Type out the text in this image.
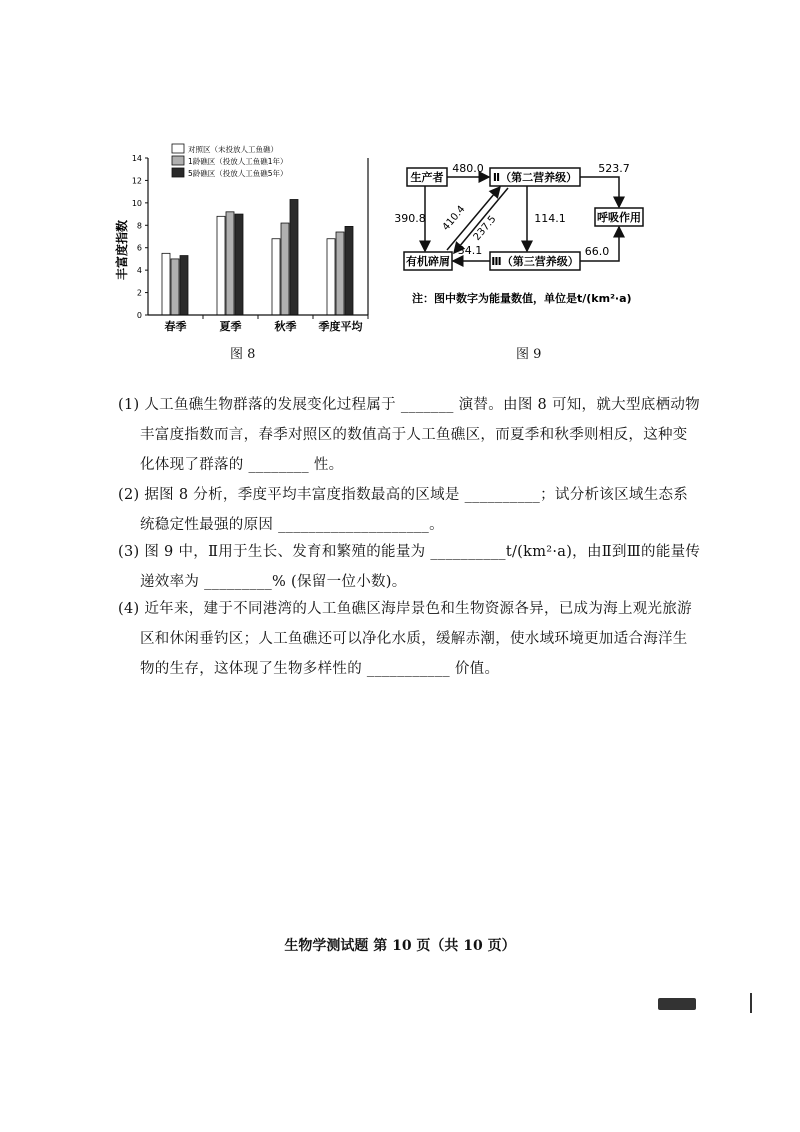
0
2
4
6
8
10
12
14
春季	夏季	秋季 季度平均
对照区（未投放人工鱼礁）
1龄礁区（投放人工鱼礁1年）
5龄礁区（投放人工鱼礁5年）
丰富度指数
图 8
生产者	Ⅱ（第二营养级）
呼吸作用
有机碎屑	Ⅲ（第三营养级）
480.0	523.7
390.8 410.4 237.5	114.1
34.1	66.0
注：图中数字为能量数值，单位是t/(km²·a)
图 9
(1) 人工鱼礁生物群落的发展变化过程属于 _______ 演替。由图 8 可知，就大型底栖动物
丰富度指数而言，春季对照区的数值高于人工鱼礁区，而夏季和秋季则相反，这种变
化体现了群落的 ________ 性。
(2) 据图 8 分析，季度平均丰富度指数最高的区域是 __________；试分析该区域生态系
统稳定性最强的原因 ____________________。
(3) 图 9 中，Ⅱ用于生长、发育和繁殖的能量为 __________t/(km²·a)，由Ⅱ到Ⅲ的能量传
递效率为 _________% (保留一位小数)。
(4) 近年来，建于不同港湾的人工鱼礁区海岸景色和生物资源各异，已成为海上观光旅游
区和休闲垂钓区；人工鱼礁还可以净化水质，缓解赤潮，使水域环境更加适合海洋生
物的生存，这体现了生物多样性的 ___________ 价值。
生物学测试题 第 10 页（共 10 页）
